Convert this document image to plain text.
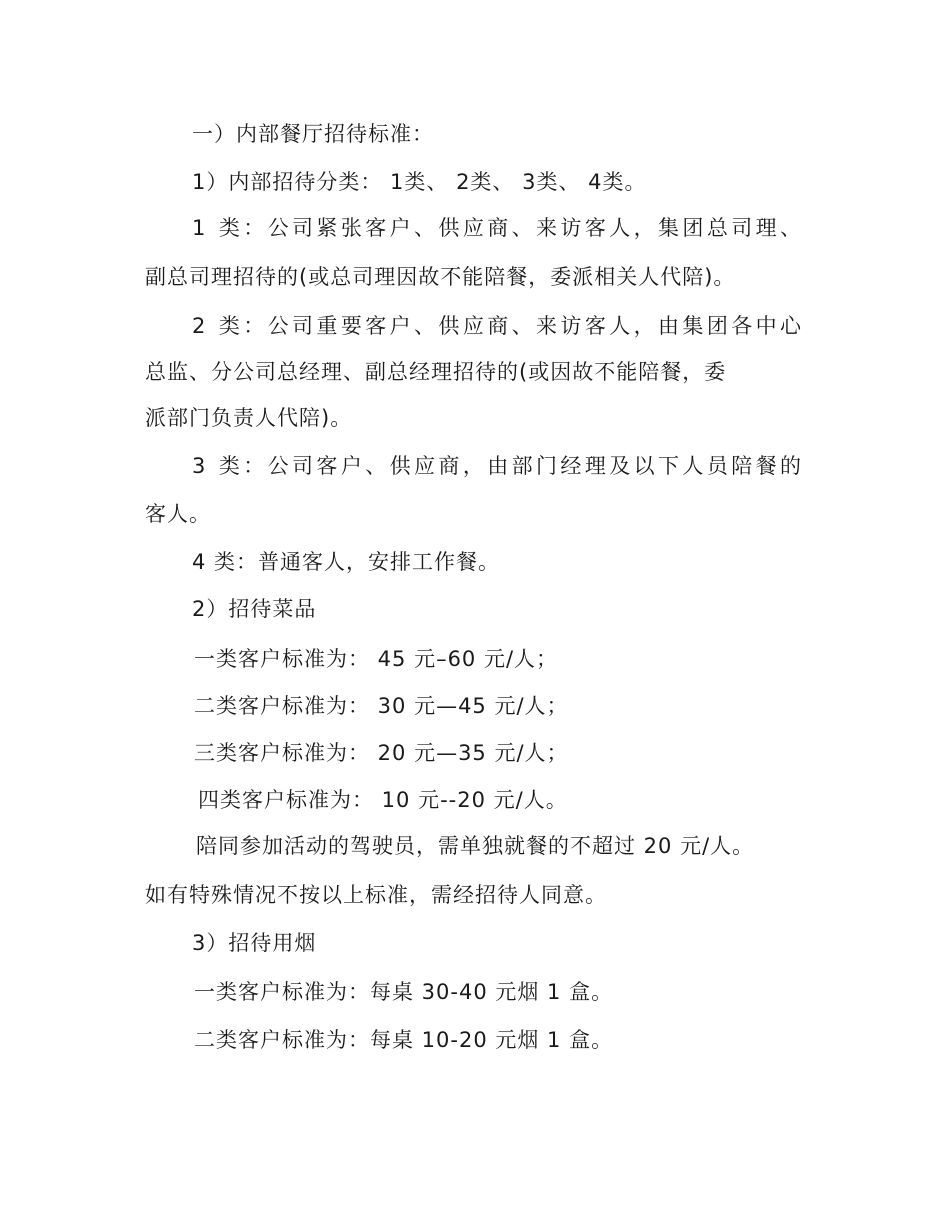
一）内部餐厅招待标准：
1）内部招待分类： 1类、 2类、 3类、 4类。
1 类：公司紧张客户、供应商、来访客人，集团总司理、
副总司理招待的(或总司理因故不能陪餐，委派相关人代陪)。
2 类：公司重要客户、供应商、来访客人，由集团各中心
总监、分公司总经理、副总经理招待的(或因故不能陪餐，委
派部门负责人代陪)。
3 类：公司客户、供应商，由部门经理及以下人员陪餐的
客人。
4 类：普通客人，安排工作餐。
2）招待菜品
一类客户标准为： 45 元–60 元/人；
二类客户标准为： 30 元—45 元/人；
三类客户标准为： 20 元—35 元/人；
四类客户标准为： 10 元--20 元/人。
陪同参加活动的驾驶员，需单独就餐的不超过 20 元/人。
如有特殊情况不按以上标准，需经招待人同意。
3）招待用烟
一类客户标准为：每桌 30-40 元烟 1 盒。
二类客户标准为：每桌 10-20 元烟 1 盒。
